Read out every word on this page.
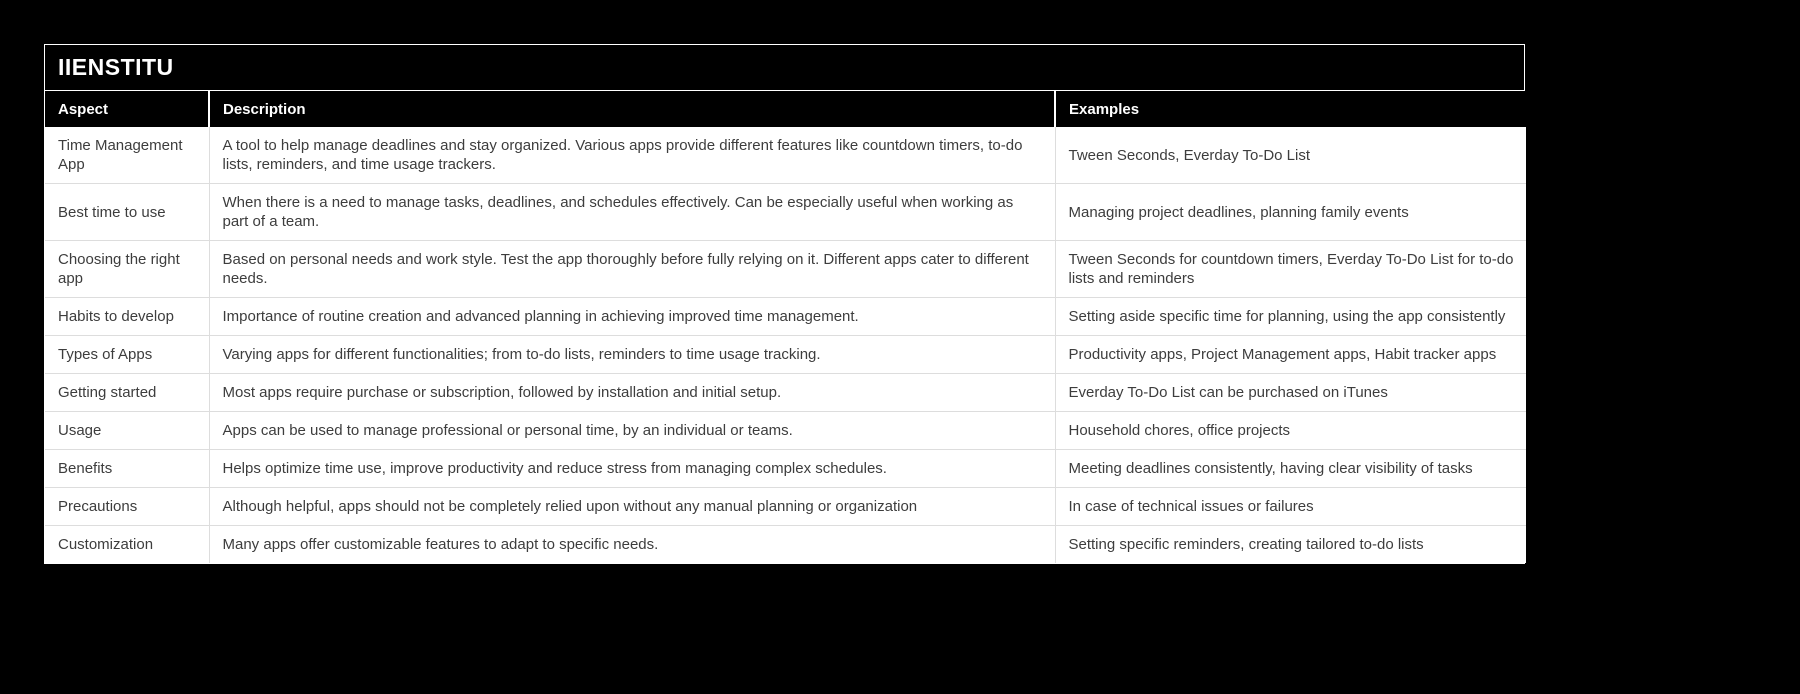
IIENSTITU
Aspect	Description	Examples
Time Management App	A tool to help manage deadlines and stay organized. Various apps provide different features like countdown timers, to-do lists, reminders, and time usage trackers.	Tween Seconds, Everday To-Do List
Best time to use	When there is a need to manage tasks, deadlines, and schedules effectively. Can be especially useful when working as part of a team.	Managing project deadlines, planning family events
Choosing the right app	Based on personal needs and work style. Test the app thoroughly before fully relying on it. Different apps cater to different needs.	Tween Seconds for countdown timers, Everday To-Do List for to-do lists and reminders
Habits to develop	Importance of routine creation and advanced planning in achieving improved time management.	Setting aside specific time for planning, using the app consistently
Types of Apps	Varying apps for different functionalities; from to-do lists, reminders to time usage tracking.	Productivity apps, Project Management apps, Habit tracker apps
Getting started	Most apps require purchase or subscription, followed by installation and initial setup.	Everday To-Do List can be purchased on iTunes
Usage	Apps can be used to manage professional or personal time, by an individual or teams.	Household chores, office projects
Benefits	Helps optimize time use, improve productivity and reduce stress from managing complex schedules.	Meeting deadlines consistently, having clear visibility of tasks
Precautions	Although helpful, apps should not be completely relied upon without any manual planning or organization	In case of technical issues or failures
Customization	Many apps offer customizable features to adapt to specific needs.	Setting specific reminders, creating tailored to-do lists
